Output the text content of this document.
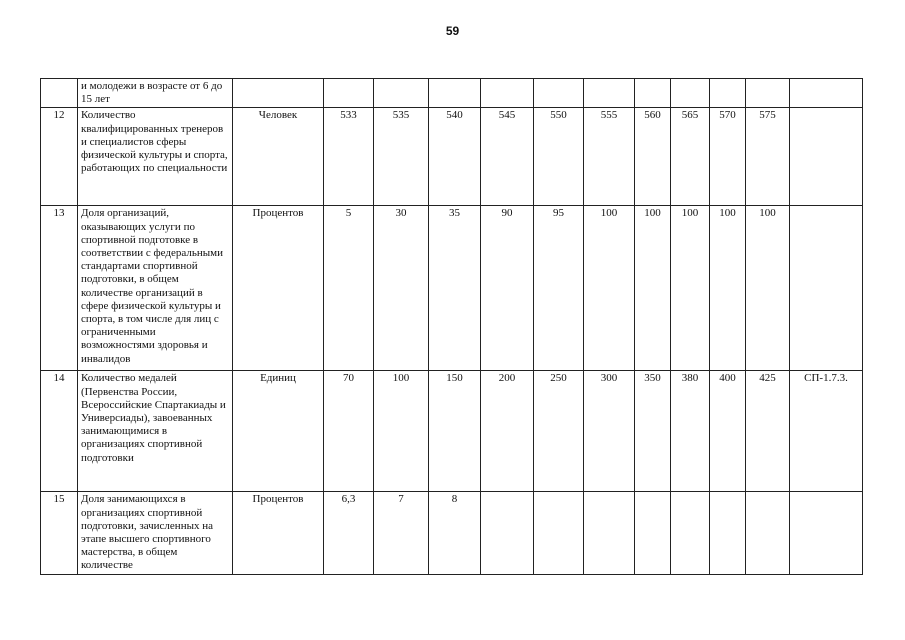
59
	и молодежи в возрасте от 6 до 15 лет												
12	Количество квалифицированных тренеров и специалистов сферы физической культуры и спорта, работающих по специальности	Человек	533	535	540	545	550	555	560	565	570	575	
13	Доля организаций, оказывающих услуги по спортивной подготовке в соответствии с федеральными стандартами спортивной подготовки, в общем количестве организаций в сфере физической культуры и спорта, в том числе для лиц с ограниченными возможностями здоровья и инвалидов	Процентов	5	30	35	90	95	100	100	100	100	100	
14	Количество медалей (Первенства России, Всероссийские Спартакиады и Универсиады), завоеванных занимающимися в организациях спортивной подготовки	Единиц	70	100	150	200	250	300	350	380	400	425	СП-1.7.3.
15	Доля занимающихся в организациях спортивной подготовки, зачисленных на этапе высшего спортивного мастерства, в общем количестве	Процентов	6,3	7	8								
